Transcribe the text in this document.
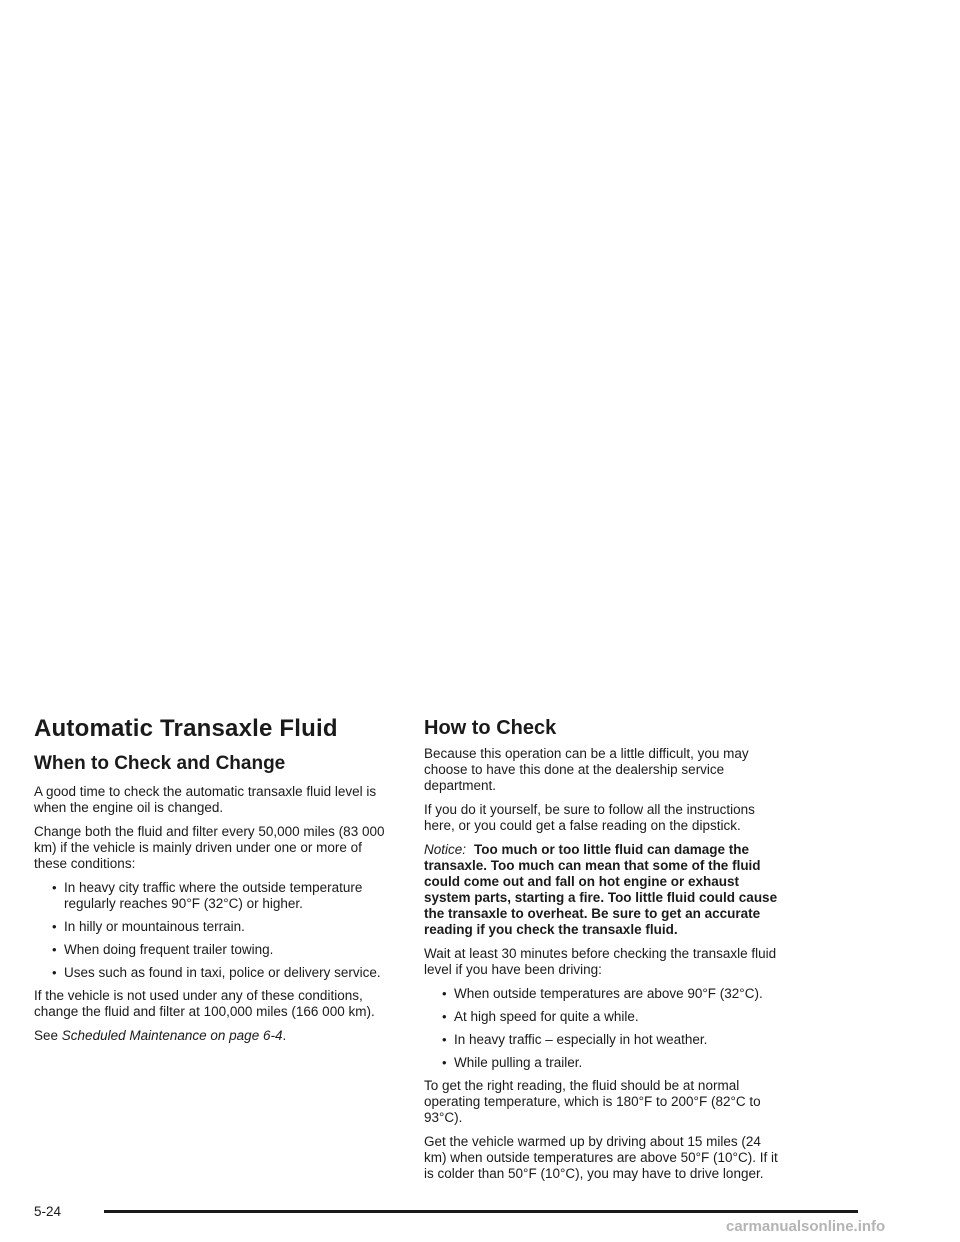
Automatic Transaxle Fluid
When to Check and Change

A good time to check the automatic transaxle fluid level is when the engine oil is changed.

Change both the fluid and filter every 50,000 miles (83 000 km) if the vehicle is mainly driven under one or more of these conditions:

• In heavy city traffic where the outside temperature regularly reaches 90°F (32°C) or higher.
• In hilly or mountainous terrain.
• When doing frequent trailer towing.
• Uses such as found in taxi, police or delivery service.

If the vehicle is not used under any of these conditions, change the fluid and filter at 100,000 miles (166 000 km).

See Scheduled Maintenance on page 6-4.

How to Check

Because this operation can be a little difficult, you may choose to have this done at the dealership service department.

If you do it yourself, be sure to follow all the instructions here, or you could get a false reading on the dipstick.

Notice: Too much or too little fluid can damage the transaxle. Too much can mean that some of the fluid could come out and fall on hot engine or exhaust system parts, starting a fire. Too little fluid could cause the transaxle to overheat. Be sure to get an accurate reading if you check the transaxle fluid.

Wait at least 30 minutes before checking the transaxle fluid level if you have been driving:

• When outside temperatures are above 90°F (32°C).
• At high speed for quite a while.
• In heavy traffic – especially in hot weather.
• While pulling a trailer.

To get the right reading, the fluid should be at normal operating temperature, which is 180°F to 200°F (82°C to 93°C).

Get the vehicle warmed up by driving about 15 miles (24 km) when outside temperatures are above 50°F (10°C). If it is colder than 50°F (10°C), you may have to drive longer.

5-24
carmanualsonline.info
